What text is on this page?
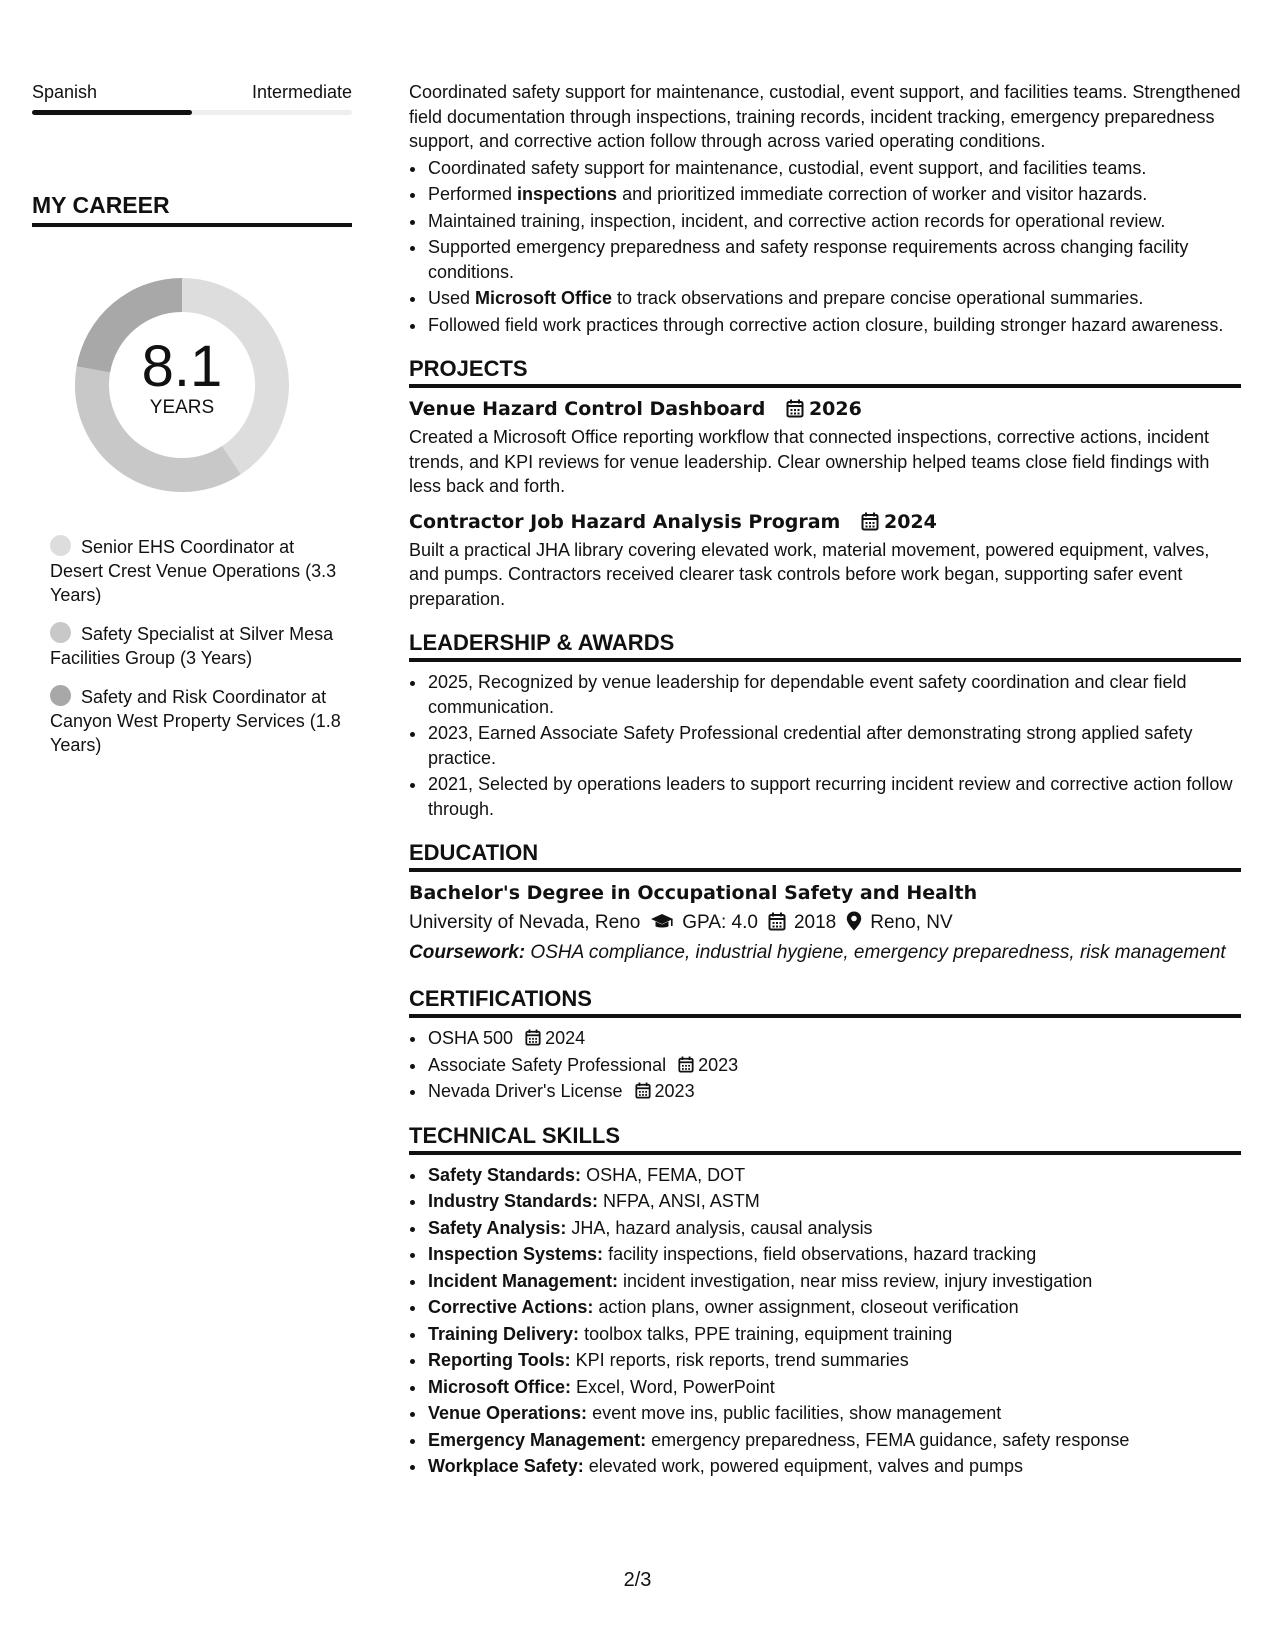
Spanish	Intermediate
MY CAREER
8.1
YEARS
Senior EHS Coordinator at Desert Crest Venue Operations (3.3 Years)
Safety Specialist at Silver Mesa Facilities Group (3 Years)
Safety and Risk Coordinator at Canyon West Property Services (1.8 Years)

Coordinated safety support for maintenance, custodial, event support, and facilities teams. Strengthened field documentation through inspections, training records, incident tracking, emergency preparedness support, and corrective action follow through across varied operating conditions.

• Coordinated safety support for maintenance, custodial, event support, and facilities teams.
• Performed inspections and prioritized immediate correction of worker and visitor hazards.
• Maintained training, inspection, incident, and corrective action records for operational review.
• Supported emergency preparedness and safety response requirements across changing facility conditions.
• Used Microsoft Office to track observations and prepare concise operational summaries.
• Followed field work practices through corrective action closure, building stronger hazard awareness.
PROJECTS
Venue Hazard Control Dashboard 2026

Created a Microsoft Office reporting workflow that connected inspections, corrective actions, incident trends, and KPI reviews for venue leadership. Clear ownership helped teams close field findings with less back and forth.

Contractor Job Hazard Analysis Program 2024

Built a practical JHA library covering elevated work, material movement, powered equipment, valves, and pumps. Contractors received clearer task controls before work began, supporting safer event preparation.

LEADERSHIP & AWARDS
• 2025, Recognized by venue leadership for dependable event safety coordination and clear field communication.
• 2023, Earned Associate Safety Professional credential after demonstrating strong applied safety practice.
• 2021, Selected by operations leaders to support recurring incident review and corrective action follow through.
EDUCATION
Bachelor's Degree in Occupational Safety and Health
University of Nevada, Reno GPA: 4.0 2018 Reno, NV

Coursework: OSHA compliance, industrial hygiene, emergency preparedness, risk management

CERTIFICATIONS
• OSHA 500 2024
• Associate Safety Professional 2023
• Nevada Driver's License 2023
TECHNICAL SKILLS
• Safety Standards: OSHA, FEMA, DOT
• Industry Standards: NFPA, ANSI, ASTM
• Safety Analysis: JHA, hazard analysis, causal analysis
• Inspection Systems: facility inspections, field observations, hazard tracking
• Incident Management: incident investigation, near miss review, injury investigation
• Corrective Actions: action plans, owner assignment, closeout verification
• Training Delivery: toolbox talks, PPE training, equipment training
• Reporting Tools: KPI reports, risk reports, trend summaries
• Microsoft Office: Excel, Word, PowerPoint
• Venue Operations: event move ins, public facilities, show management
• Emergency Management: emergency preparedness, FEMA guidance, safety response
• Workplace Safety: elevated work, powered equipment, valves and pumps
2/3
